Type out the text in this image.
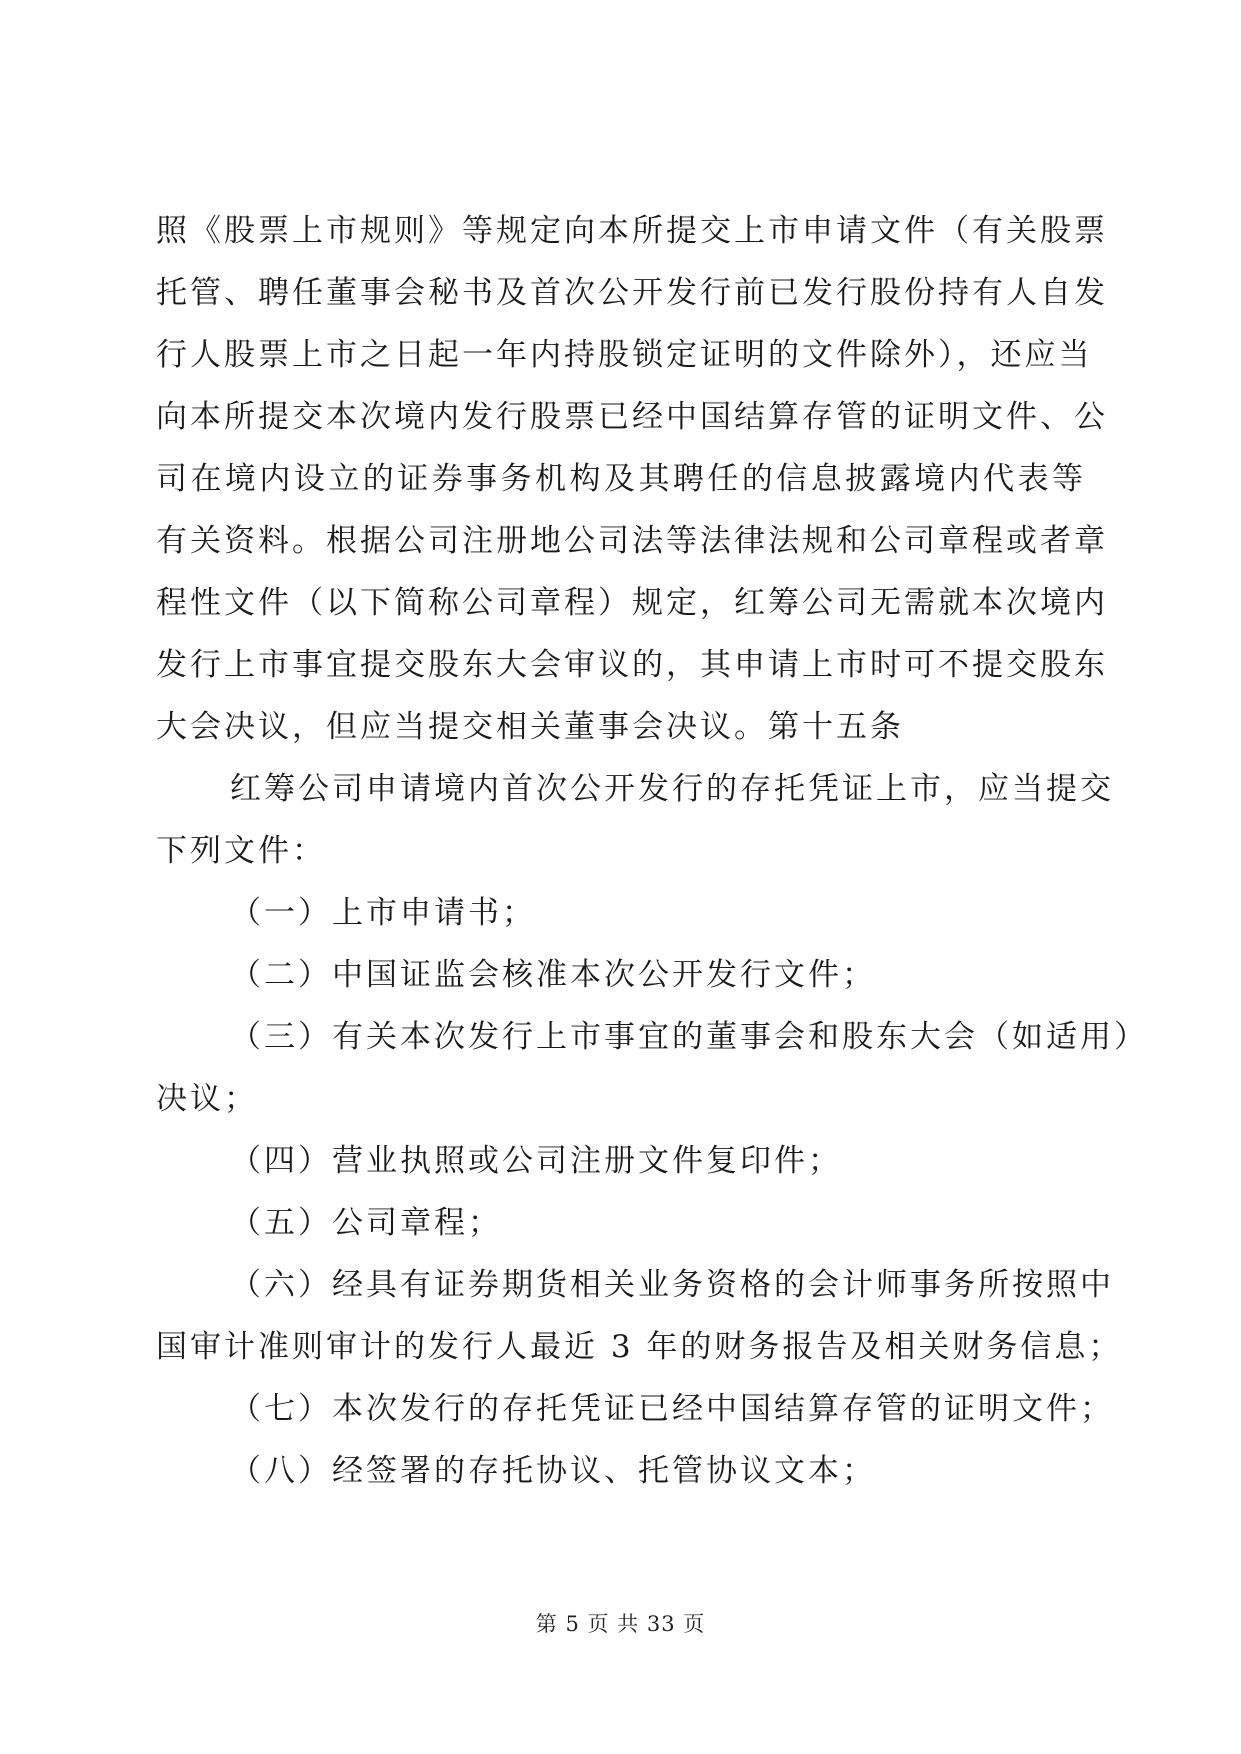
照《股票上市规则》等规定向本所提交上市申请文件（有关股票
托管、聘任董事会秘书及首次公开发行前已发行股份持有人自发
行人股票上市之日起一年内持股锁定证明的文件除外），还应当
向本所提交本次境内发行股票已经中国结算存管的证明文件、公
司在境内设立的证券事务机构及其聘任的信息披露境内代表等
有关资料。根据公司注册地公司法等法律法规和公司章程或者章
程性文件（以下简称公司章程）规定，红筹公司无需就本次境内
发行上市事宜提交股东大会审议的，其申请上市时可不提交股东
大会决议，但应当提交相关董事会决议。第十五条
红筹公司申请境内首次公开发行的存托凭证上市，应当提交
下列文件：
（一）上市申请书；
（二）中国证监会核准本次公开发行文件；
（三）有关本次发行上市事宜的董事会和股东大会（如适用）
决议；
（四）营业执照或公司注册文件复印件；
（五）公司章程；
（六）经具有证券期货相关业务资格的会计师事务所按照中
国审计准则审计的发行人最近 3 年的财务报告及相关财务信息；
（七）本次发行的存托凭证已经中国结算存管的证明文件；
（八）经签署的存托协议、托管协议文本；
第 5 页 共 33 页
